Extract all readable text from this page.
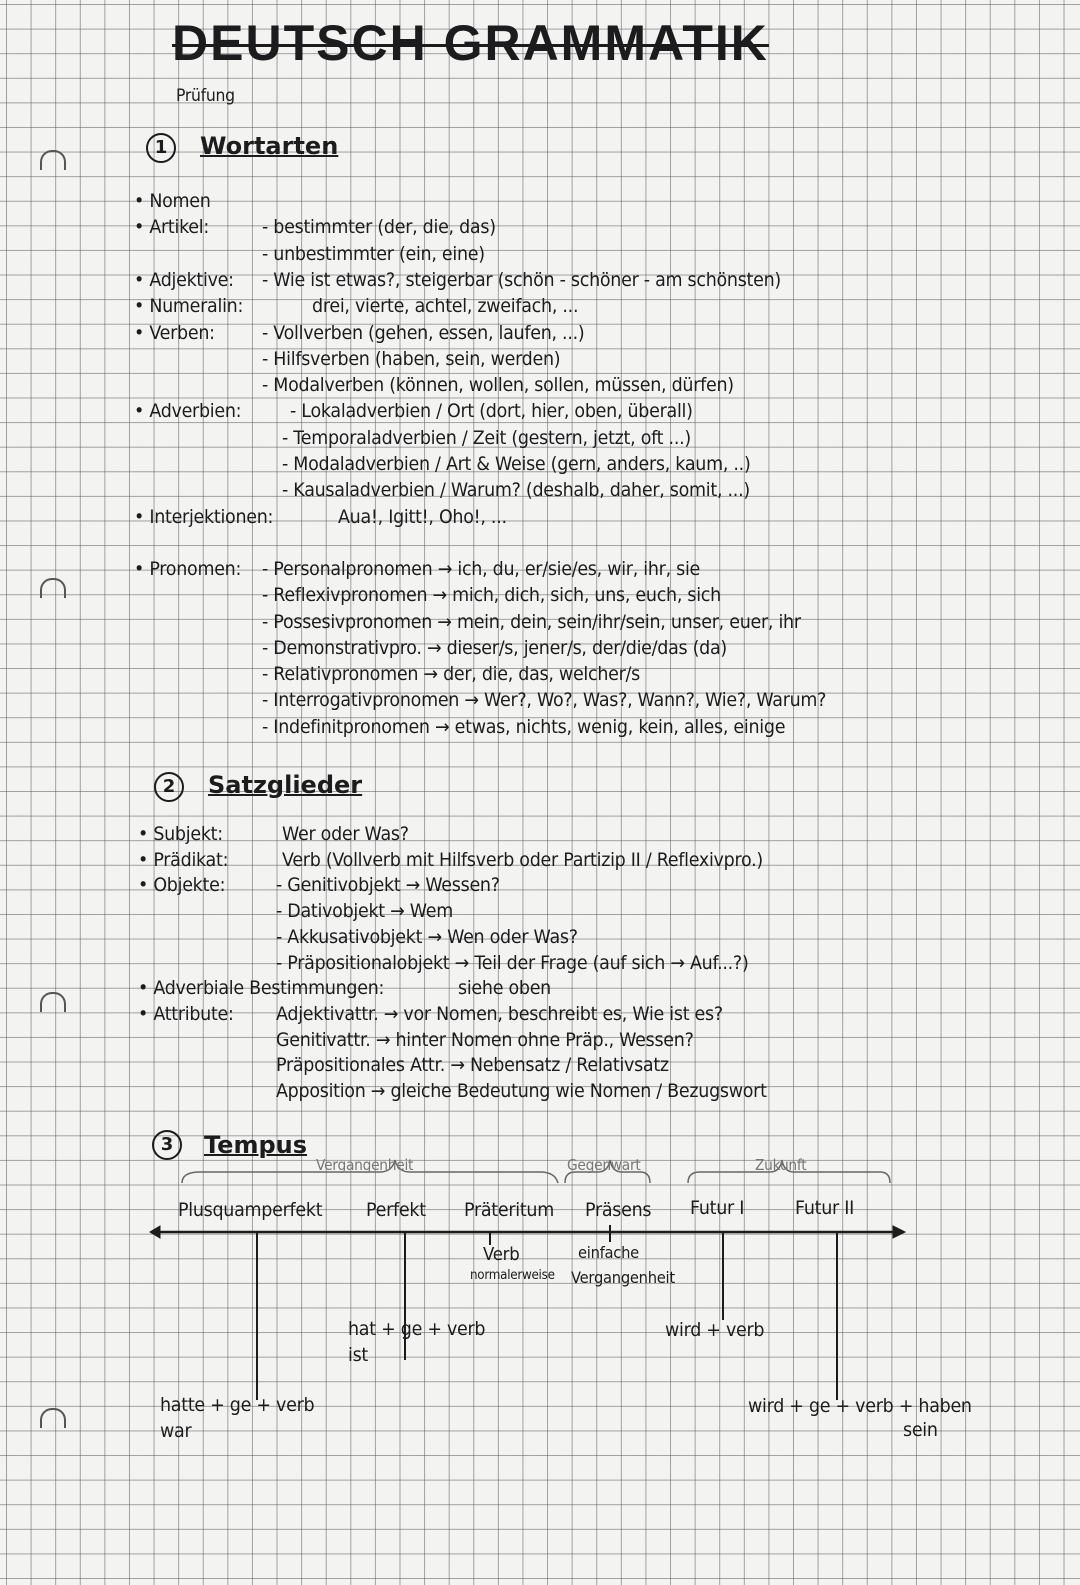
DEUTSCH GRAMMATIK
Prüfung
1	Wortarten
2	Satzglieder
3	Tempus
• Nomen
• Artikel:	- bestimmter (der, die, das)
- unbestimmter (ein, eine)
• Adjektive: - Wie ist etwas?, steigerbar (schön - schöner - am schönsten)
• Numeralin:	drei, vierte, achtel, zweifach, ...
• Verben: - Vollverben (gehen, essen, laufen, ...)
- Hilfsverben (haben, sein, werden)
- Modalverben (können, wollen, sollen, müssen, dürfen)
• Adverbien:	- Lokaladverbien / Ort (dort, hier, oben, überall)
- Temporaladverbien / Zeit (gestern, jetzt, oft ...)
- Modaladverbien / Art & Weise (gern, anders, kaum, ..)
- Kausaladverbien / Warum? (deshalb, daher, somit, ...)
• Interjektionen:	Aua!, Igitt!, Oho!, ...
• Pronomen: - Personalpronomen → ich, du, er/sie/es, wir, ihr, sie
- Reflexivpronomen → mich, dich, sich, uns, euch, sich
- Possesivpronomen → mein, dein, sein/ihr/sein, unser, euer, ihr
- Demonstrativpro. → dieser/s, jener/s, der/die/das (da)
- Relativpronomen → der, die, das, welcher/s
- Interrogativpronomen → Wer?, Wo?, Was?, Wann?, Wie?, Warum?
- Indefinitpronomen → etwas, nichts, wenig, kein, alles, einige
• Subjekt:	Wer oder Was?
• Prädikat:	Verb (Vollverb mit Hilfsverb oder Partizip II / Reflexivpro.)
• Objekte:	- Genitivobjekt → Wessen?
- Dativobjekt → Wem
- Akkusativobjekt → Wen oder Was?
- Präpositionalobjekt → Teil der Frage (auf sich → Auf...?)
• Adverbiale Bestimmungen:	siehe oben
• Attribute: Adjektivattr. → vor Nomen, beschreibt es, Wie ist es?
Genitivattr. → hinter Nomen ohne Präp., Wessen?
Präpositionales Attr. → Nebensatz / Relativsatz
Apposition → gleiche Bedeutung wie Nomen / Bezugswort
Vergangenheit	Gegenwart	Zukunft
Plusquamperfekt Perfekt Präteritum Präsens Futur I	Futur II
Verb
normalerweise
einfache
Vergangenheit
hat + ge + verb
ist
wird + verb
hatte + ge + verb
war
wird + ge + verb + haben
sein
